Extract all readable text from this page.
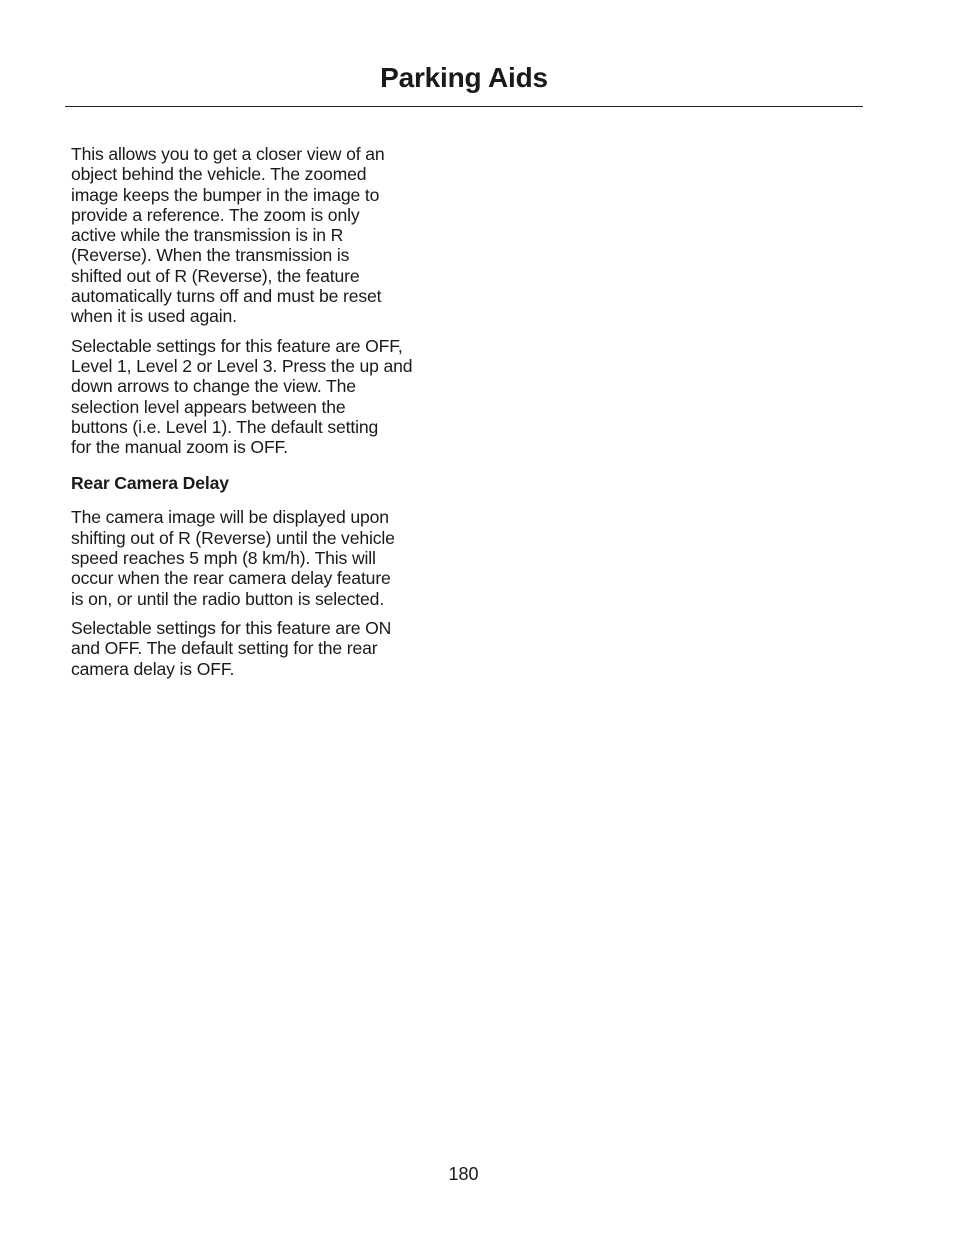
Parking Aids

This allows you to get a closer view of an
object behind the vehicle. The zoomed
image keeps the bumper in the image to
provide a reference. The zoom is only
active while the transmission is in R
(Reverse). When the transmission is
shifted out of R (Reverse), the feature
automatically turns off and must be reset
when it is used again.

Selectable settings for this feature are OFF,
Level 1, Level 2 or Level 3. Press the up and
down arrows to change the view. The
selection level appears between the
buttons (i.e. Level 1). The default setting
for the manual zoom is OFF.

Rear Camera Delay

The camera image will be displayed upon
shifting out of R (Reverse) until the vehicle
speed reaches 5 mph (8 km/h). This will
occur when the rear camera delay feature
is on, or until the radio button is selected.

Selectable settings for this feature are ON
and OFF. The default setting for the rear
camera delay is OFF.

180
